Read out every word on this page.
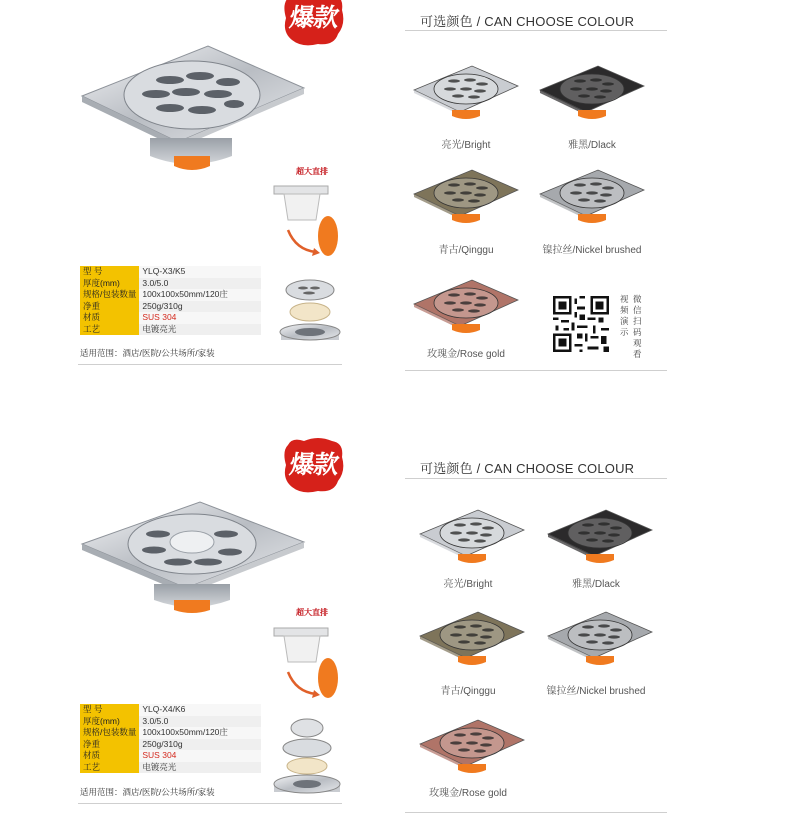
爆款
超大直排
型 号	YLQ-X3/K5
厚度(mm)	3.0/5.0
规格/包装数量	100x100x50mm/120庄
净重	250g/310g
材质	SUS 304
工艺	电镀亮光
适用范围：酒店/医院/公共场所/家装
可选颜色 / CAN CHOOSE COLOUR
亮光/Bright	雅黑/Dlack
青古/Qinggu	镍拉丝/Nickel brushed
玫瑰金/Rose gold
微
信
扫
码
观
看
视
频
演
示
爆款
超大直排
型 号	YLQ-X4/K6
厚度(mm)	3.0/5.0
规格/包装数量	100x100x50mm/120庄
净重	250g/310g
材质	SUS 304
工艺	电镀亮光
适用范围：酒店/医院/公共场所/家装
可选颜色 / CAN CHOOSE COLOUR
亮光/Bright	雅黑/Dlack
青古/Qinggu	镍拉丝/Nickel brushed
玫瑰金/Rose gold
